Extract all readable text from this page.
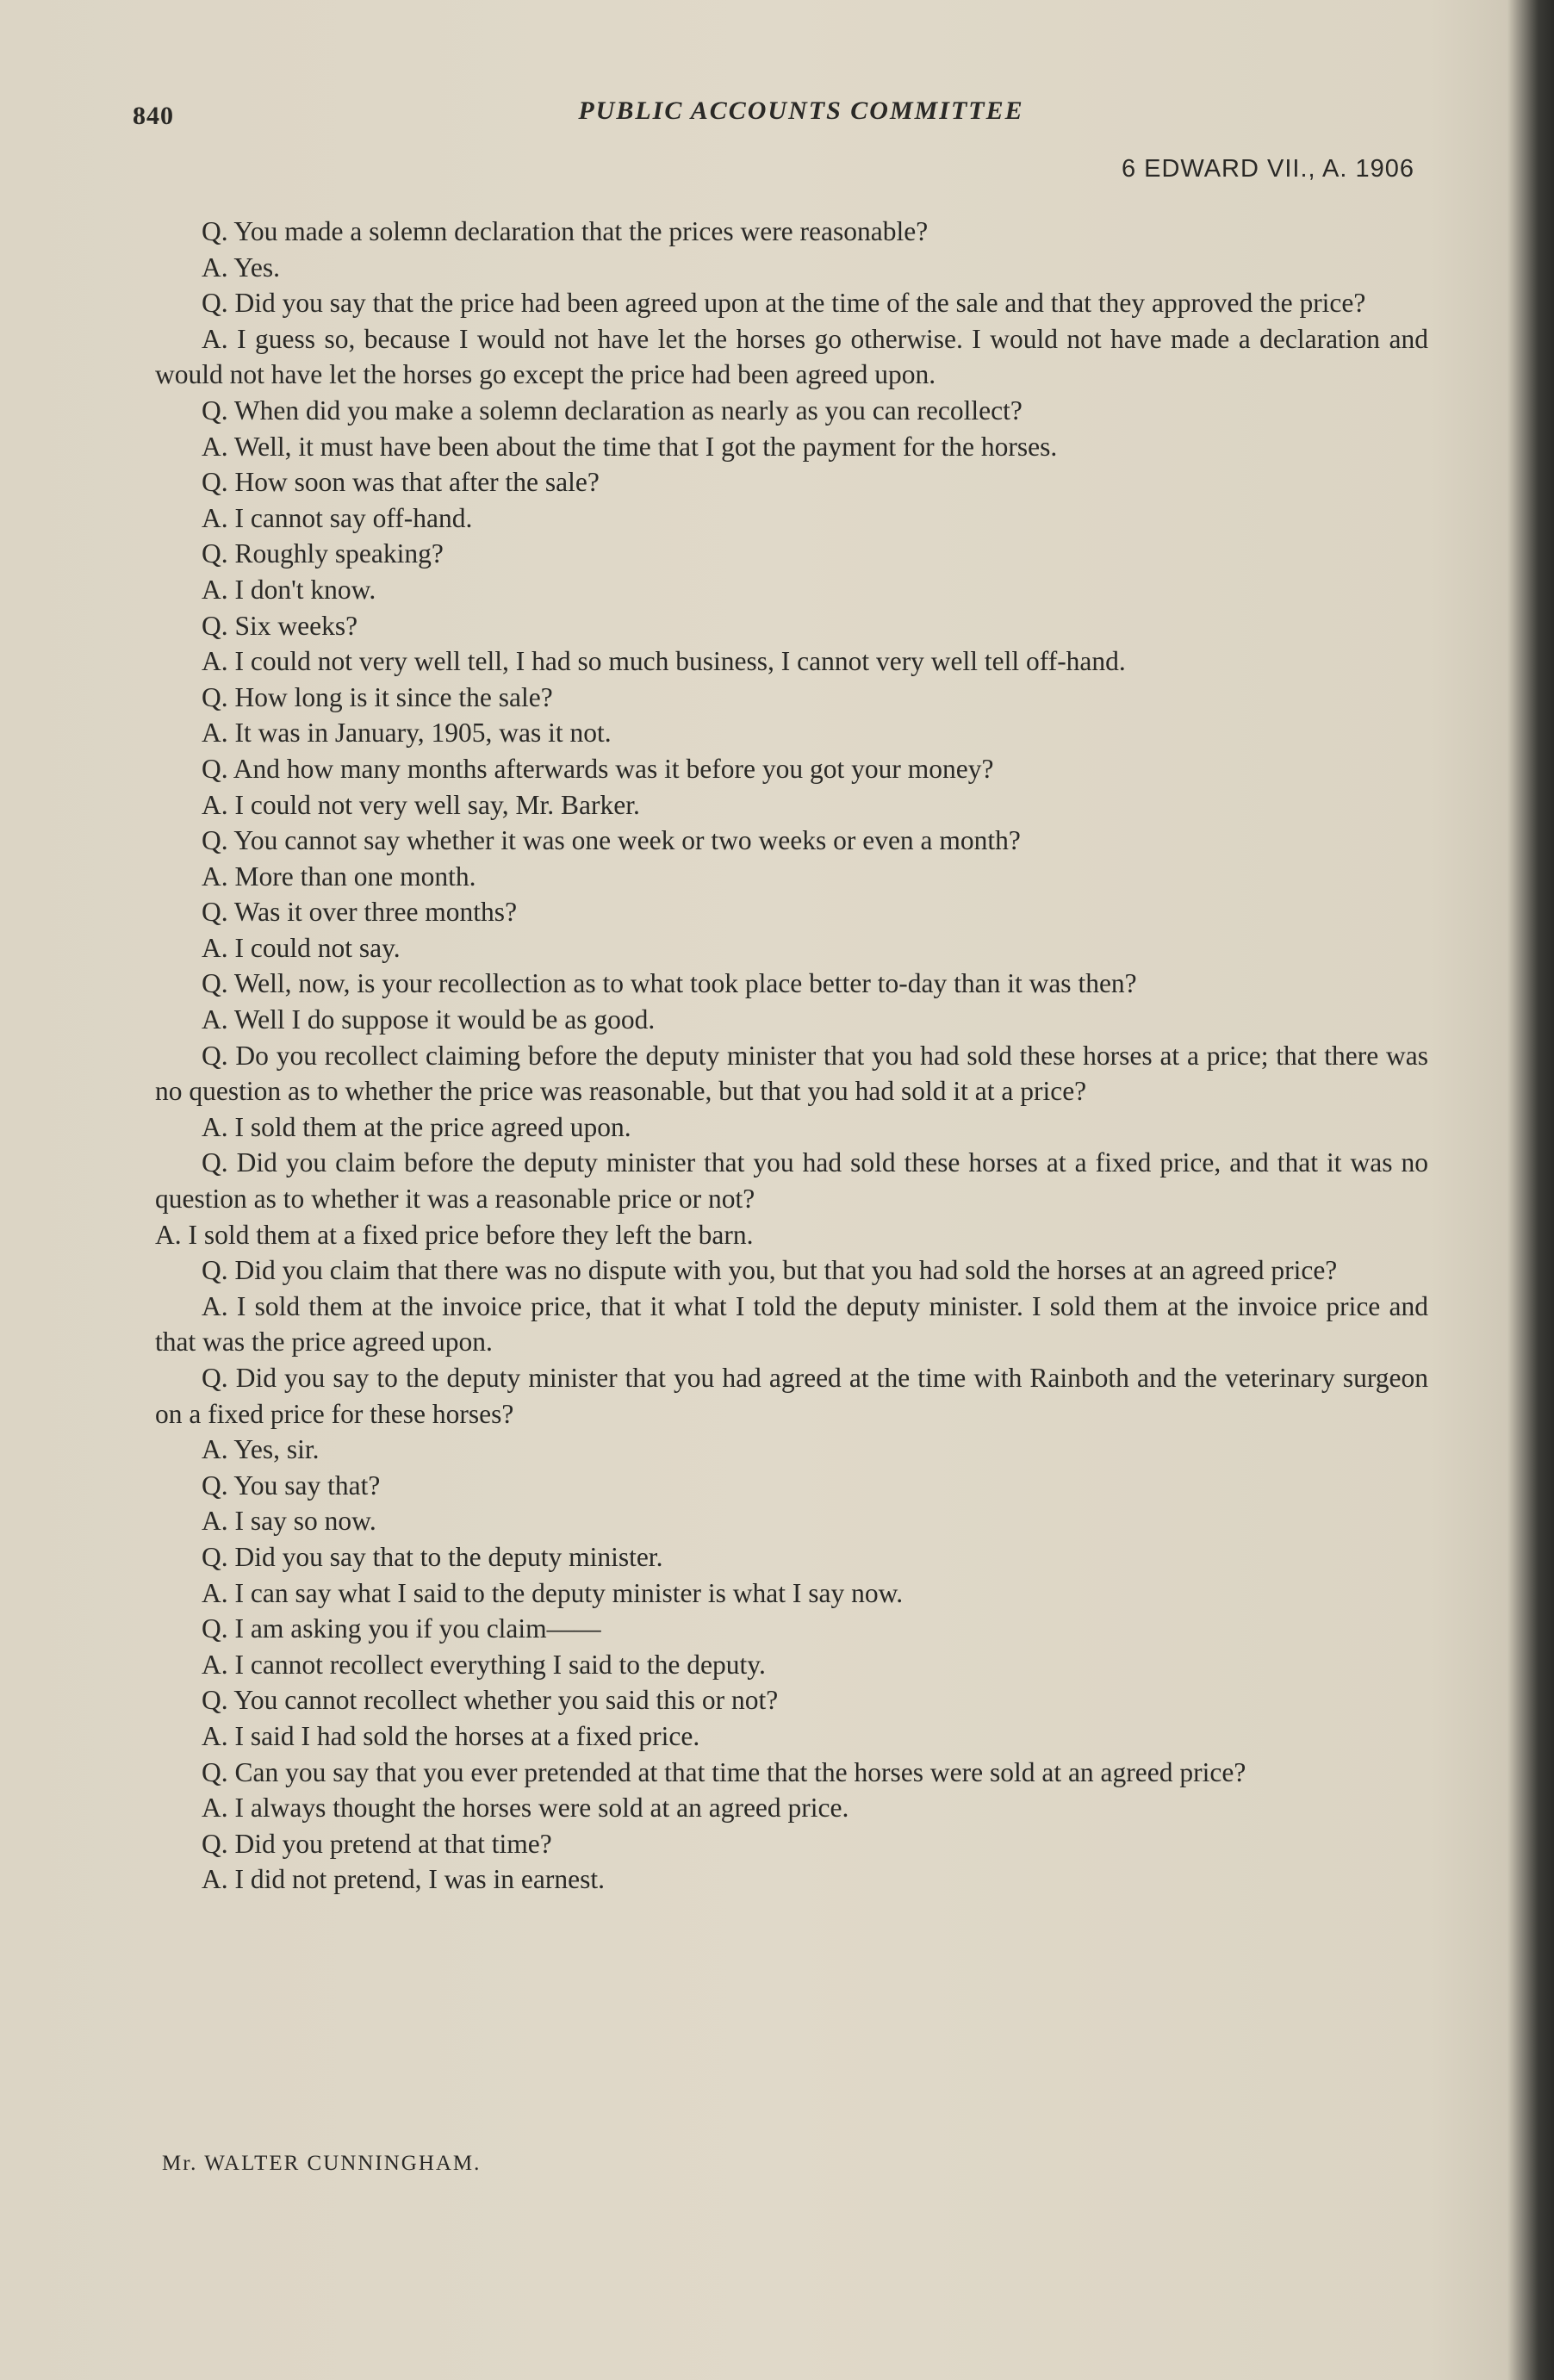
840	PUBLIC ACCOUNTS COMMITTEE
6 EDWARD VII., A. 1906

Q. You made a solemn declaration that the prices were reasonable?

A. Yes.

Q. Did you say that the price had been agreed upon at the time of the sale and that they approved the price?

A. I guess so, because I would not have let the horses go otherwise. I would not have made a declaration and would not have let the horses go except the price had been agreed upon.

Q. When did you make a solemn declaration as nearly as you can recollect?

A. Well, it must have been about the time that I got the payment for the horses.

Q. How soon was that after the sale?

A. I cannot say off-hand.

Q. Roughly speaking?

A. I don't know.

Q. Six weeks?

A. I could not very well tell, I had so much business, I cannot very well tell off-hand.

Q. How long is it since the sale?

A. It was in January, 1905, was it not.

Q. And how many months afterwards was it before you got your money?

A. I could not very well say, Mr. Barker.

Q. You cannot say whether it was one week or two weeks or even a month?

A. More than one month.

Q. Was it over three months?

A. I could not say.

Q. Well, now, is your recollection as to what took place better to-day than it was then?

A. Well I do suppose it would be as good.

Q. Do you recollect claiming before the deputy minister that you had sold these horses at a price; that there was no question as to whether the price was reasonable, but that you had sold it at a price?

A. I sold them at the price agreed upon.

Q. Did you claim before the deputy minister that you had sold these horses at a fixed price, and that it was no question as to whether it was a reasonable price or not?

A. I sold them at a fixed price before they left the barn.

Q. Did you claim that there was no dispute with you, but that you had sold the horses at an agreed price?

A. I sold them at the invoice price, that it what I told the deputy minister. I sold them at the invoice price and that was the price agreed upon.

Q. Did you say to the deputy minister that you had agreed at the time with Rainboth and the veterinary surgeon on a fixed price for these horses?

A. Yes, sir.

Q. You say that?

A. I say so now.

Q. Did you say that to the deputy minister.

A. I can say what I said to the deputy minister is what I say now.

Q. I am asking you if you claim——

A. I cannot recollect everything I said to the deputy.

Q. You cannot recollect whether you said this or not?

A. I said I had sold the horses at a fixed price.

Q. Can you say that you ever pretended at that time that the horses were sold at an agreed price?

A. I always thought the horses were sold at an agreed price.

Q. Did you pretend at that time?

A. I did not pretend, I was in earnest.

Mr. WALTER CUNNINGHAM.
